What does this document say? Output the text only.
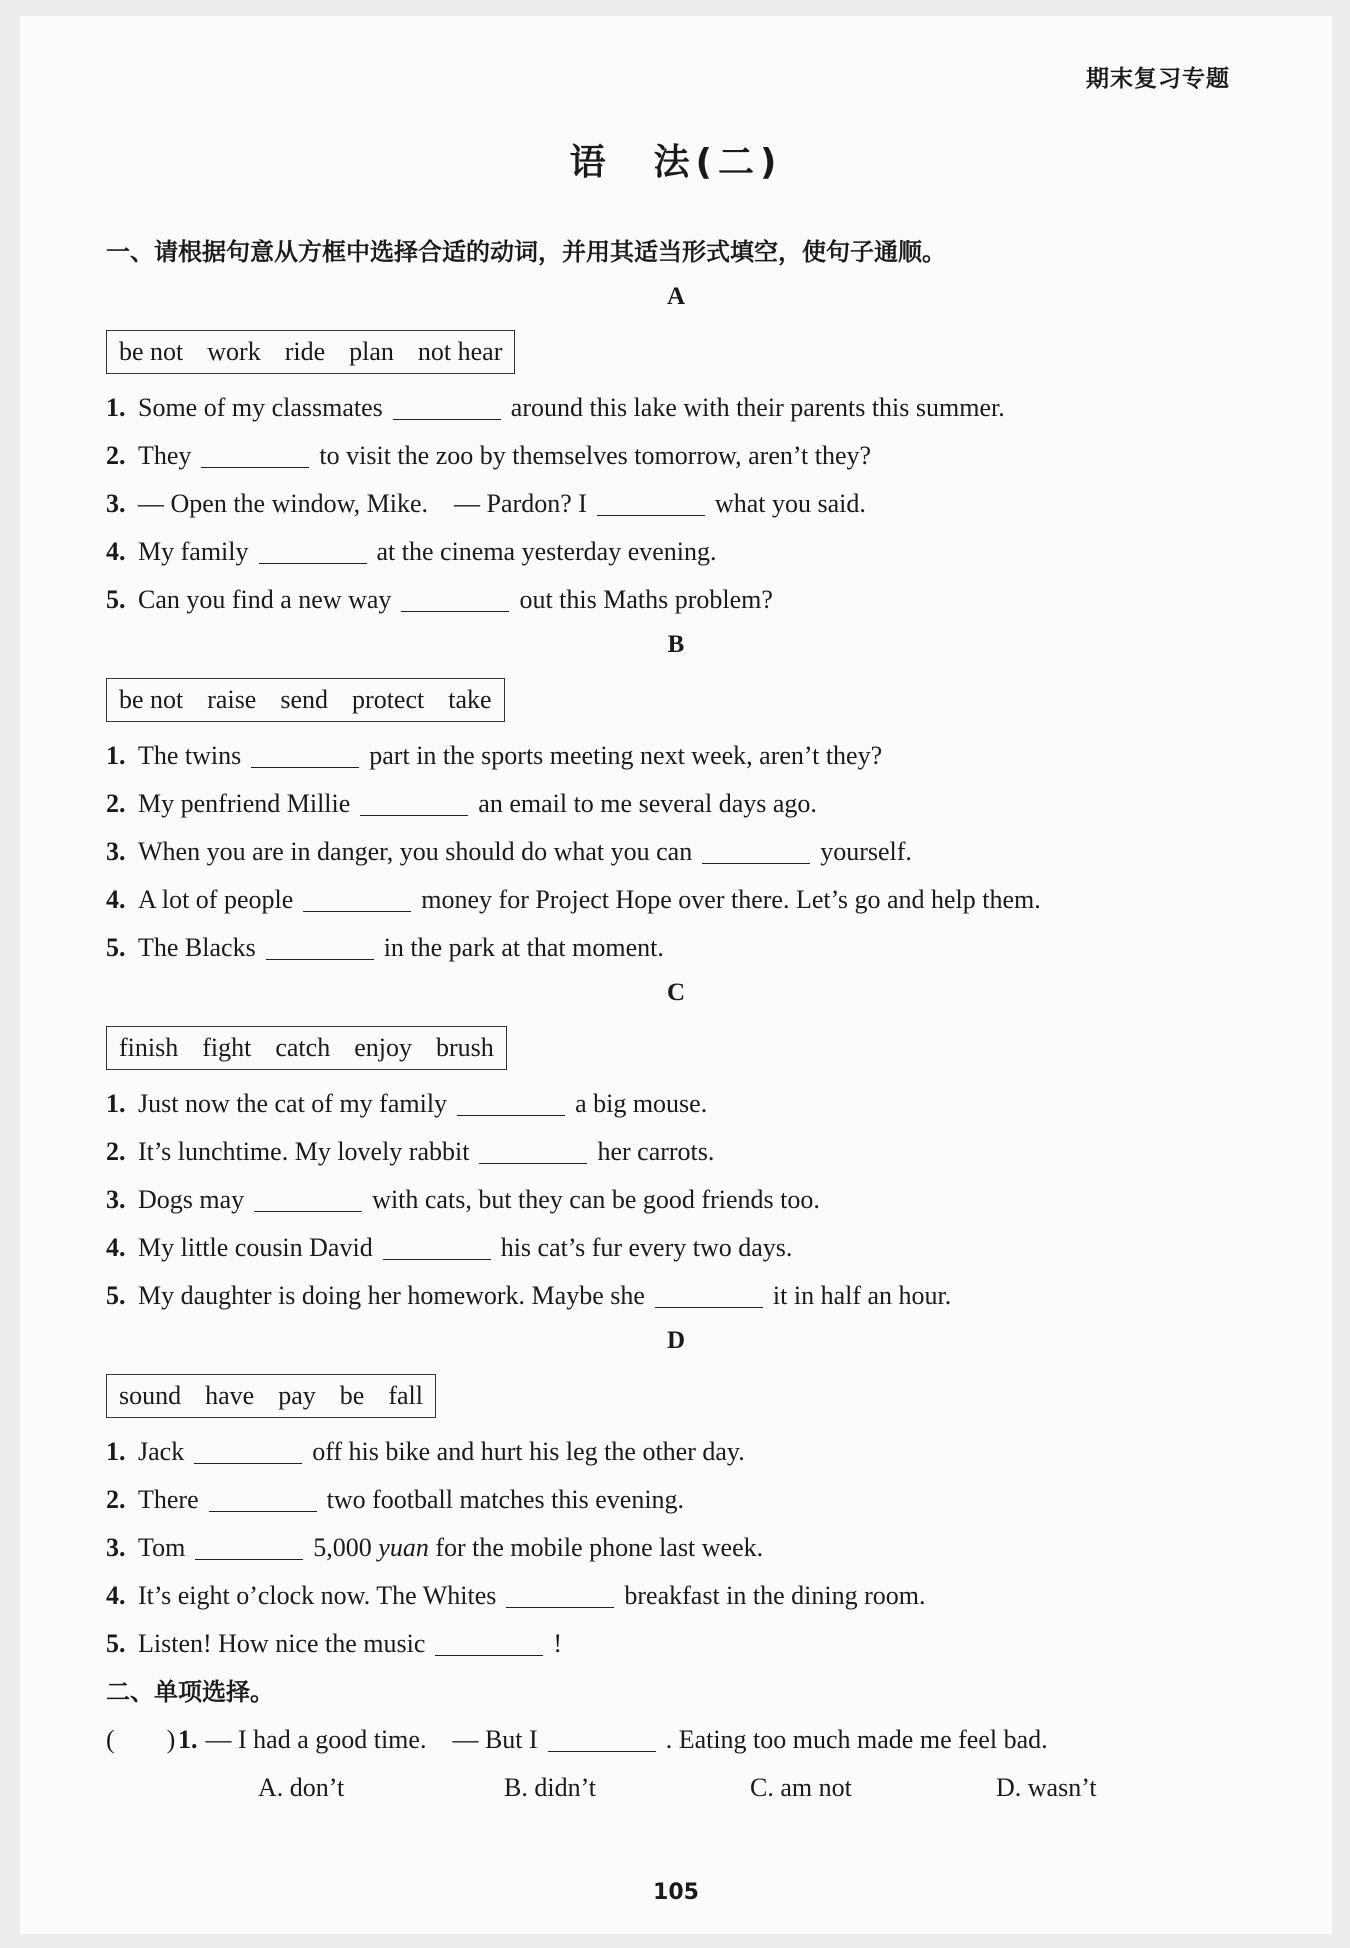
期末复习专题
语　法(二)
一、请根据句意从方框中选择合适的动词，并用其适当形式填空，使句子通顺。
A
be not work ride plan not hear
1. Some of my classmates	around this lake with their parents this summer.
2. They	to visit the zoo by themselves tomorrow, aren’t they?
3. — Open the window, Mike.　— Pardon? I	what you said.
4. My family	at the cinema yesterday evening.
5. Can you find a new way	out this Maths problem?
B
be not raise send protect take
1. The twins	part in the sports meeting next week, aren’t they?
2. My penfriend Millie	an email to me several days ago.
3. When you are in danger, you should do what you can	yourself.
4. A lot of people	money for Project Hope over there. Let’s go and help them.
5. The Blacks	in the park at that moment.
C
finish fight catch enjoy brush
1. Just now the cat of my family	a big mouse.
2. It’s lunchtime. My lovely rabbit	her carrots.
3. Dogs may	with cats, but they can be good friends too.
4. My little cousin David	his cat’s fur every two days.
5. My daughter is doing her homework. Maybe she	it in half an hour.
D
sound have pay be fall
1. Jack	off his bike and hurt his leg the other day.
2. There	two football matches this evening.
3. Tom	5,000 yuan for the mobile phone last week.
4. It’s eight o’clock now. The Whites	breakfast in the dining room.
5. Listen! How nice the music	!
二、单项选择。
(　　) 1. — I had a good time.　— But I	. Eating too much made me feel bad.
A. don’t	B. didn’t	C. am not	D. wasn’t
105
